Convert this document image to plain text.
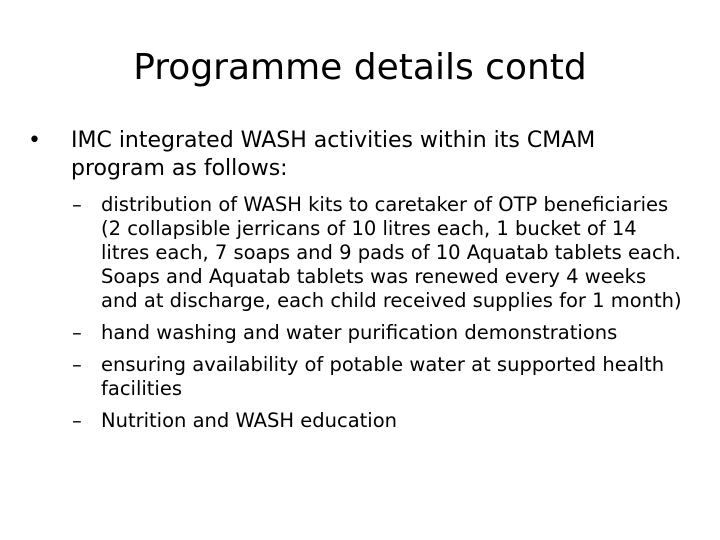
Programme details contd

•	IMC integrated WASH activities within its CMAM program as follows:

– distribution of WASH kits to caretaker of OTP beneficiaries (2 collapsible jerricans of 10 litres each, 1 bucket of 14 litres each, 7 soaps and 9 pads of 10 Aquatab tablets each. Soaps and Aquatab tablets was renewed every 4 weeks and at discharge, each child received supplies for 1 month)

– hand washing and water purification demonstrations

– ensuring availability of potable water at supported health facilities

– Nutrition and WASH education
